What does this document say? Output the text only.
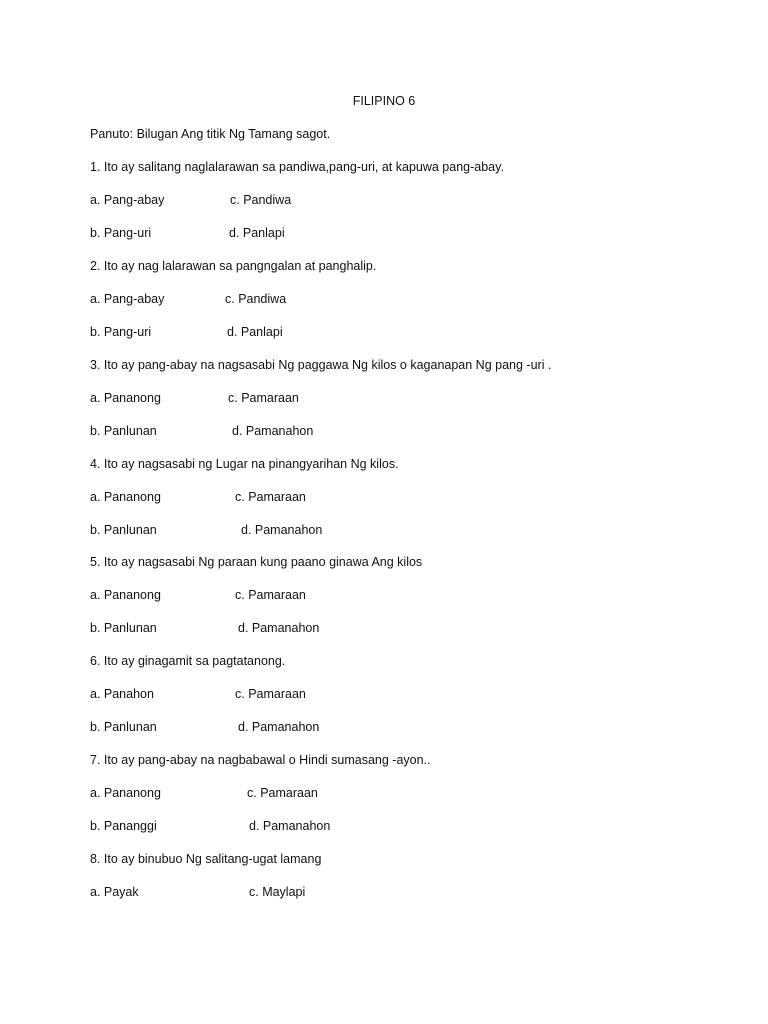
FILIPINO 6
Panuto: Bilugan Ang titik Ng Tamang sagot.
1. Ito ay salitang naglalarawan sa pandiwa,pang-uri, at kapuwa pang-abay.
a. Pang-abay	c. Pandiwa
b. Pang-uri	d. Panlapi
2. Ito ay nag lalarawan sa pangngalan at panghalip.
a. Pang-abay	c. Pandiwa
b. Pang-uri	d. Panlapi
3. Ito ay pang-abay na nagsasabi Ng paggawa Ng kilos o kaganapan Ng pang -uri .
a. Pananong	c. Pamaraan
b. Panlunan	d. Pamanahon
4. Ito ay nagsasabi ng Lugar na pinangyarihan Ng kilos.
a. Pananong	c. Pamaraan
b. Panlunan	d. Pamanahon
5. Ito ay nagsasabi Ng paraan kung paano ginawa Ang kilos
a. Pananong	c. Pamaraan
b. Panlunan	d. Pamanahon
6. Ito ay ginagamit sa pagtatanong.
a. Panahon	c. Pamaraan
b. Panlunan	d. Pamanahon
7. Ito ay pang-abay na nagbabawal o Hindi sumasang -ayon..
a. Pananong	c. Pamaraan
b. Pananggi	d. Pamanahon
8. Ito ay binubuo Ng salitang-ugat lamang
a. Payak	c. Maylapi
